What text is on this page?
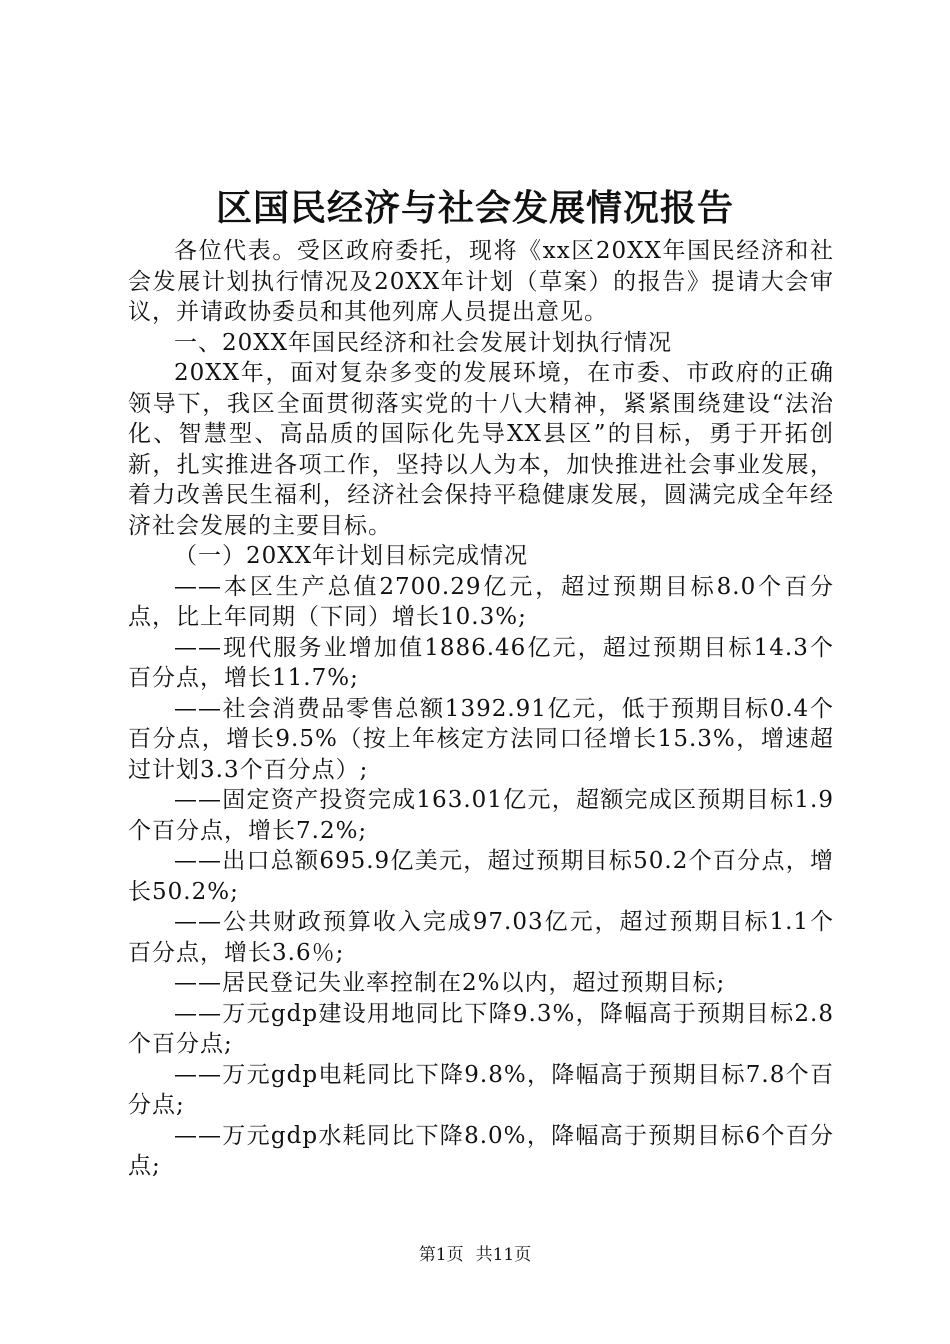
区国民经济与社会发展情况报告

各位代表。受区政府委托，现将《xx区20XX年国民经济和社会发展计划执行情况及20XX年计划（草案）的报告》提请大会审议，并请政协委员和其他列席人员提出意见。

一、20XX年国民经济和社会发展计划执行情况

20XX年，面对复杂多变的发展环境，在市委、市政府的正确领导下，我区全面贯彻落实党的十八大精神，紧紧围绕建设“法治化、智慧型、高品质的国际化先导XX县区”的目标，勇于开拓创新，扎实推进各项工作，坚持以人为本，加快推进社会事业发展，着力改善民生福利，经济社会保持平稳健康发展，圆满完成全年经济社会发展的主要目标。

（一）20XX年计划目标完成情况

——本区生产总值2700.29亿元，超过预期目标8.0个百分点，比上年同期（下同）增长10.3%;

——现代服务业增加值1886.46亿元，超过预期目标14.3个百分点，增长11.7%;

——社会消费品零售总额1392.91亿元，低于预期目标0.4个百分点，增长9.5%（按上年核定方法同口径增长15.3%，增速超过计划3.3个百分点）;

——固定资产投资完成163.01亿元，超额完成区预期目标1.9个百分点，增长7.2%;

——出口总额695.9亿美元，超过预期目标50.2个百分点，增长50.2%;

——公共财政预算收入完成97.03亿元，超过预期目标1.1个百分点，增长3.6％;

——居民登记失业率控制在2%以内，超过预期目标;

——万元gdp建设用地同比下降9.3%，降幅高于预期目标2.8个百分点;

——万元gdp电耗同比下降9.8%，降幅高于预期目标7.8个百分点;

——万元gdp水耗同比下降8.0%，降幅高于预期目标6个百分点;

第1页 共11页
